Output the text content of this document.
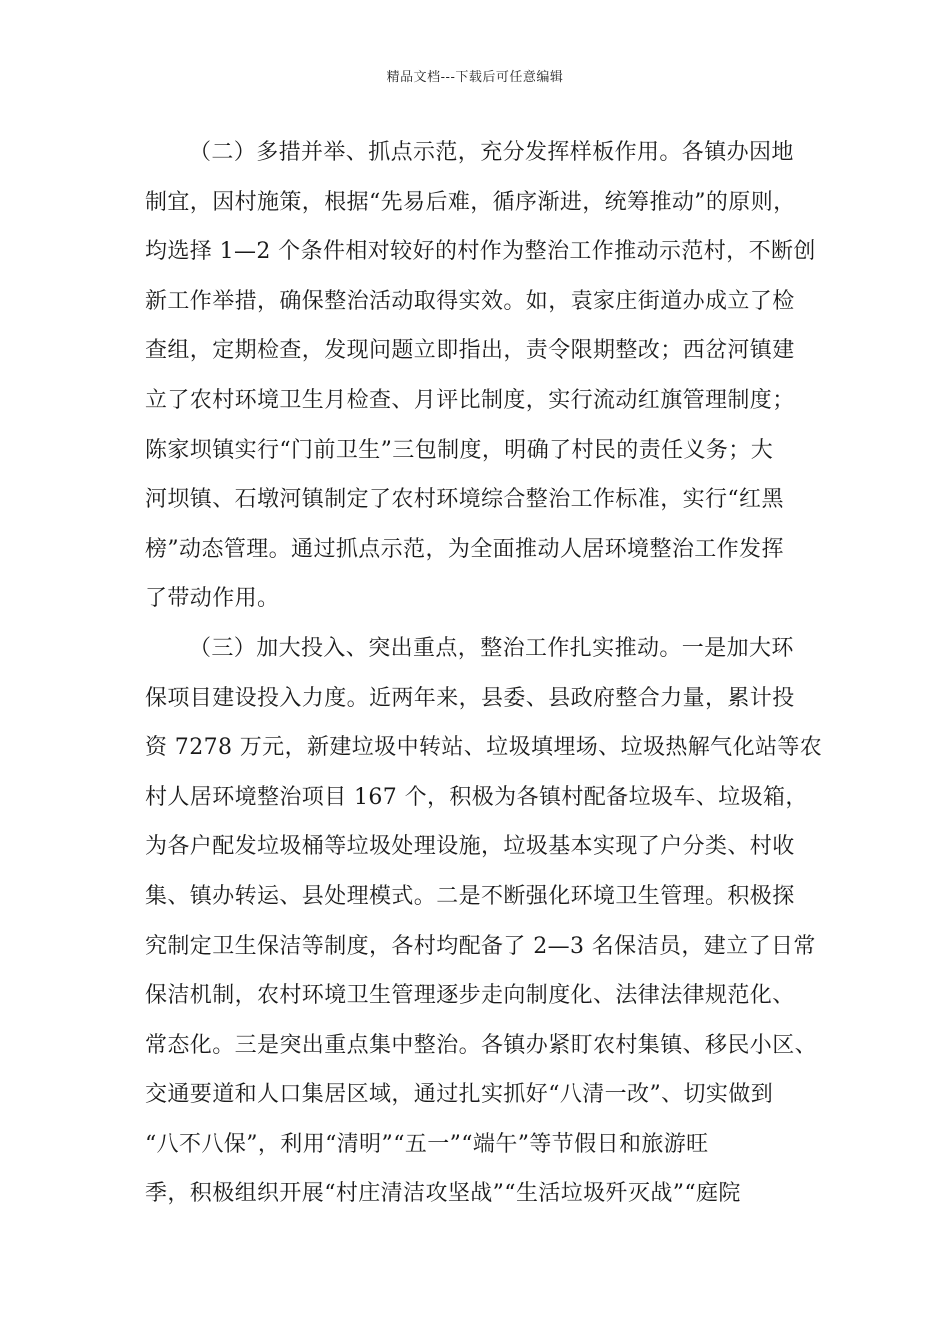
精品文档---下载后可任意编辑
（二）多措并举、抓点示范，充分发挥样板作用。各镇办因地
制宜，因村施策，根据“先易后难，循序渐进，统筹推动”的原则，
均选择 1—2 个条件相对较好的村作为整治工作推动示范村，不断创
新工作举措，确保整治活动取得实效。如，袁家庄街道办成立了检
查组，定期检查，发现问题立即指出，责令限期整改；西岔河镇建
立了农村环境卫生月检查、月评比制度，实行流动红旗管理制度；
陈家坝镇实行“门前卫生”三包制度，明确了村民的责任义务；大
河坝镇、石墩河镇制定了农村环境综合整治工作标准，实行“红黑
榜”动态管理。通过抓点示范，为全面推动人居环境整治工作发挥
了带动作用。
（三）加大投入、突出重点，整治工作扎实推动。一是加大环
保项目建设投入力度。近两年来，县委、县政府整合力量，累计投
资 7278 万元，新建垃圾中转站、垃圾填埋场、垃圾热解气化站等农
村人居环境整治项目 167 个，积极为各镇村配备垃圾车、垃圾箱，
为各户配发垃圾桶等垃圾处理设施，垃圾基本实现了户分类、村收
集、镇办转运、县处理模式。二是不断强化环境卫生管理。积极探
究制定卫生保洁等制度，各村均配备了 2—3 名保洁员，建立了日常
保洁机制，农村环境卫生管理逐步走向制度化、法律法律规范化、
常态化。三是突出重点集中整治。各镇办紧盯农村集镇、移民小区、
交通要道和人口集居区域，通过扎实抓好“八清一改”、切实做到
“八不八保”，利用“清明”“五一”“端午”等节假日和旅游旺
季，积极组织开展“村庄清洁攻坚战”“生活垃圾歼灭战”“庭院
